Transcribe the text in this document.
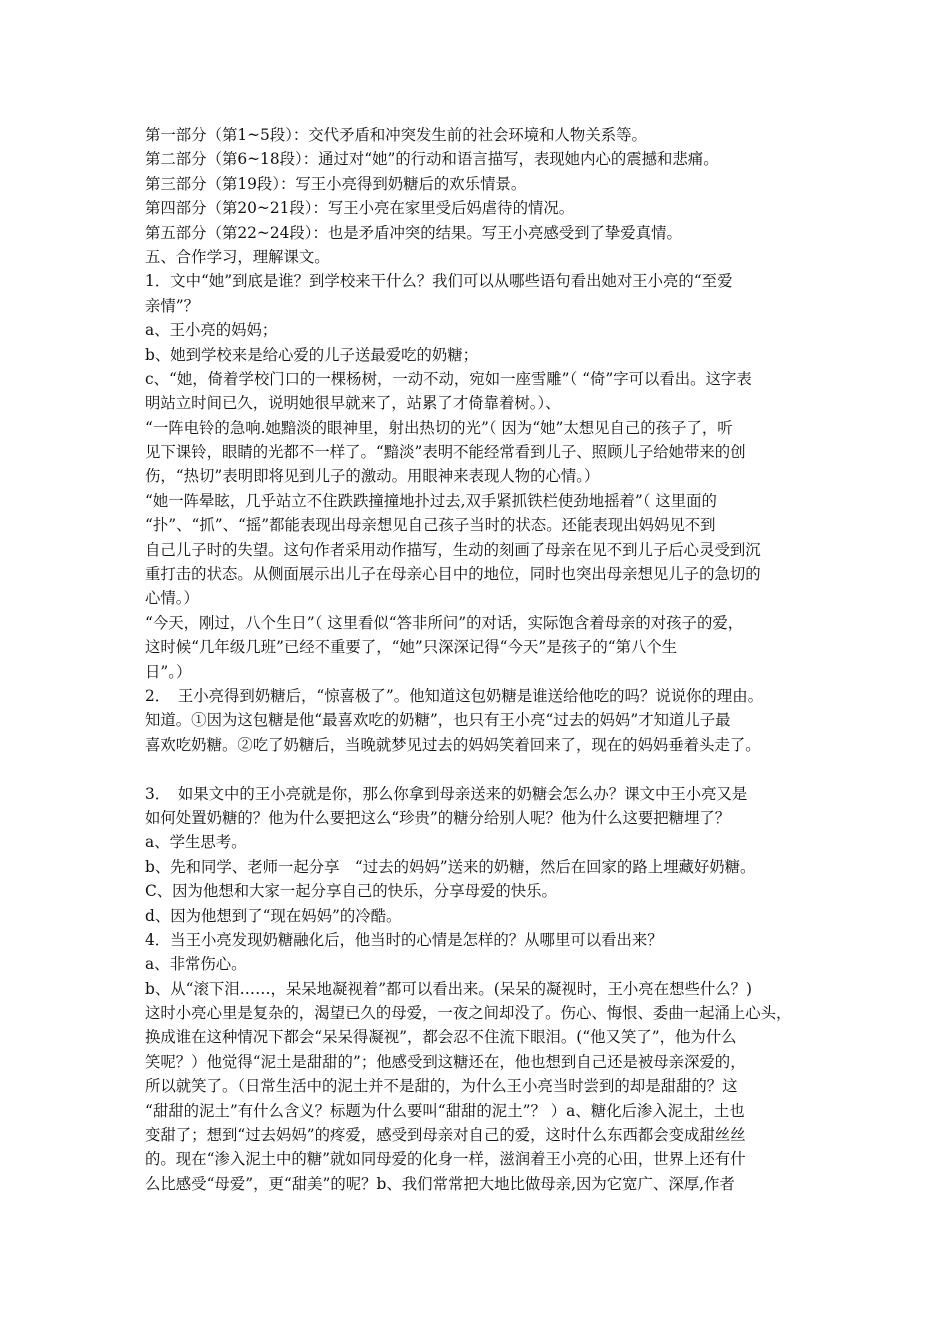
第一部分（第1~5段）：交代矛盾和冲突发生前的社会环境和人物关系等。
第二部分（第6~18段）：通过对“她”的行动和语言描写，表现她内心的震撼和悲痛。
第三部分（第19段）：写王小亮得到奶糖后的欢乐情景。
第四部分（第20~21段）：写王小亮在家里受后妈虐待的情况。
第五部分（第22~24段）：也是矛盾冲突的结果。写王小亮感受到了挚爱真情。
五、合作学习，理解课文。
1．文中“她”到底是谁？到学校来干什么？我们可以从哪些语句看出她对王小亮的“至爱
亲情”？
a、王小亮的妈妈；
b、她到学校来是给心爱的儿子送最爱吃的奶糖；
c、“她，倚着学校门口的一棵杨树，一动不动，宛如一座雪雕”（ “倚”字可以看出。这字表
明站立时间已久，说明她很早就来了，站累了才倚靠着树。）、
“一阵电铃的急响.她黯淡的眼神里，射出热切的光”（ 因为“她”太想见自己的孩子了，听
见下课铃，眼睛的光都不一样了。“黯淡”表明不能经常看到儿子、照顾儿子给她带来的创
伤，“热切”表明即将见到儿子的激动。用眼神来表现人物的心情。）
“她一阵晕眩，几乎站立不住跌跌撞撞地扑过去,双手紧抓铁栏使劲地摇着”（ 这里面的
“扑”、“抓”、“摇”都能表现出母亲想见自己孩子当时的状态。还能表现出妈妈见不到
自己儿子时的失望。这句作者采用动作描写，生动的刻画了母亲在见不到儿子后心灵受到沉
重打击的状态。从侧面展示出儿子在母亲心目中的地位，同时也突出母亲想见儿子的急切的
心情。）
“今天，刚过，八个生日”（ 这里看似“答非所问”的对话，实际饱含着母亲的对孩子的爱，
这时候“几年级几班”已经不重要了，“她”只深深记得“今天”是孩子的“第八个生
日”。）
2．　王小亮得到奶糖后，“惊喜极了”。他知道这包奶糖是谁送给他吃的吗？说说你的理由。
知道。①因为这包糖是他“最喜欢吃的奶糖”，也只有王小亮“过去的妈妈”才知道儿子最
喜欢吃奶糖。②吃了奶糖后，当晚就梦见过去的妈妈笑着回来了，现在的妈妈垂着头走了。
3．　如果文中的王小亮就是你，那么你拿到母亲送来的奶糖会怎么办？课文中王小亮又是
如何处置奶糖的？他为什么要把这么“珍贵”的糖分给别人呢？他为什么这要把糖埋了？
a、学生思考。
b、先和同学、老师一起分享　“过去的妈妈”送来的奶糖，然后在回家的路上埋藏好奶糖。
C、因为他想和大家一起分享自己的快乐，分享母爱的快乐。
d、因为他想到了“现在妈妈”的冷酷。
4．当王小亮发现奶糖融化后，他当时的心情是怎样的？从哪里可以看出来？
a、非常伤心。
b、从“滚下泪……，呆呆地凝视着”都可以看出来。(呆呆的凝视时，王小亮在想些什么？)
这时小亮心里是复杂的，渴望已久的母爱，一夜之间却没了。伤心、悔恨、委曲一起涌上心头，
换成谁在这种情况下都会“呆呆得凝视”，都会忍不住流下眼泪。(“他又笑了”，他为什么
笑呢？）他觉得“泥土是甜甜的”；他感受到这糖还在，他也想到自己还是被母亲深爱的，
所以就笑了。（日常生活中的泥土并不是甜的，为什么王小亮当时尝到的却是甜甜的？这
“甜甜的泥土”有什么含义？标题为什么要叫“甜甜的泥土”？ ）a、糖化后渗入泥土，土也
变甜了；想到“过去妈妈”的疼爱，感受到母亲对自己的爱，这时什么东西都会变成甜丝丝
的。现在“渗入泥土中的糖”就如同母爱的化身一样，滋润着王小亮的心田，世界上还有什
么比感受“母爱”，更“甜美”的呢？b、我们常常把大地比做母亲,因为它宽广、深厚,作者
